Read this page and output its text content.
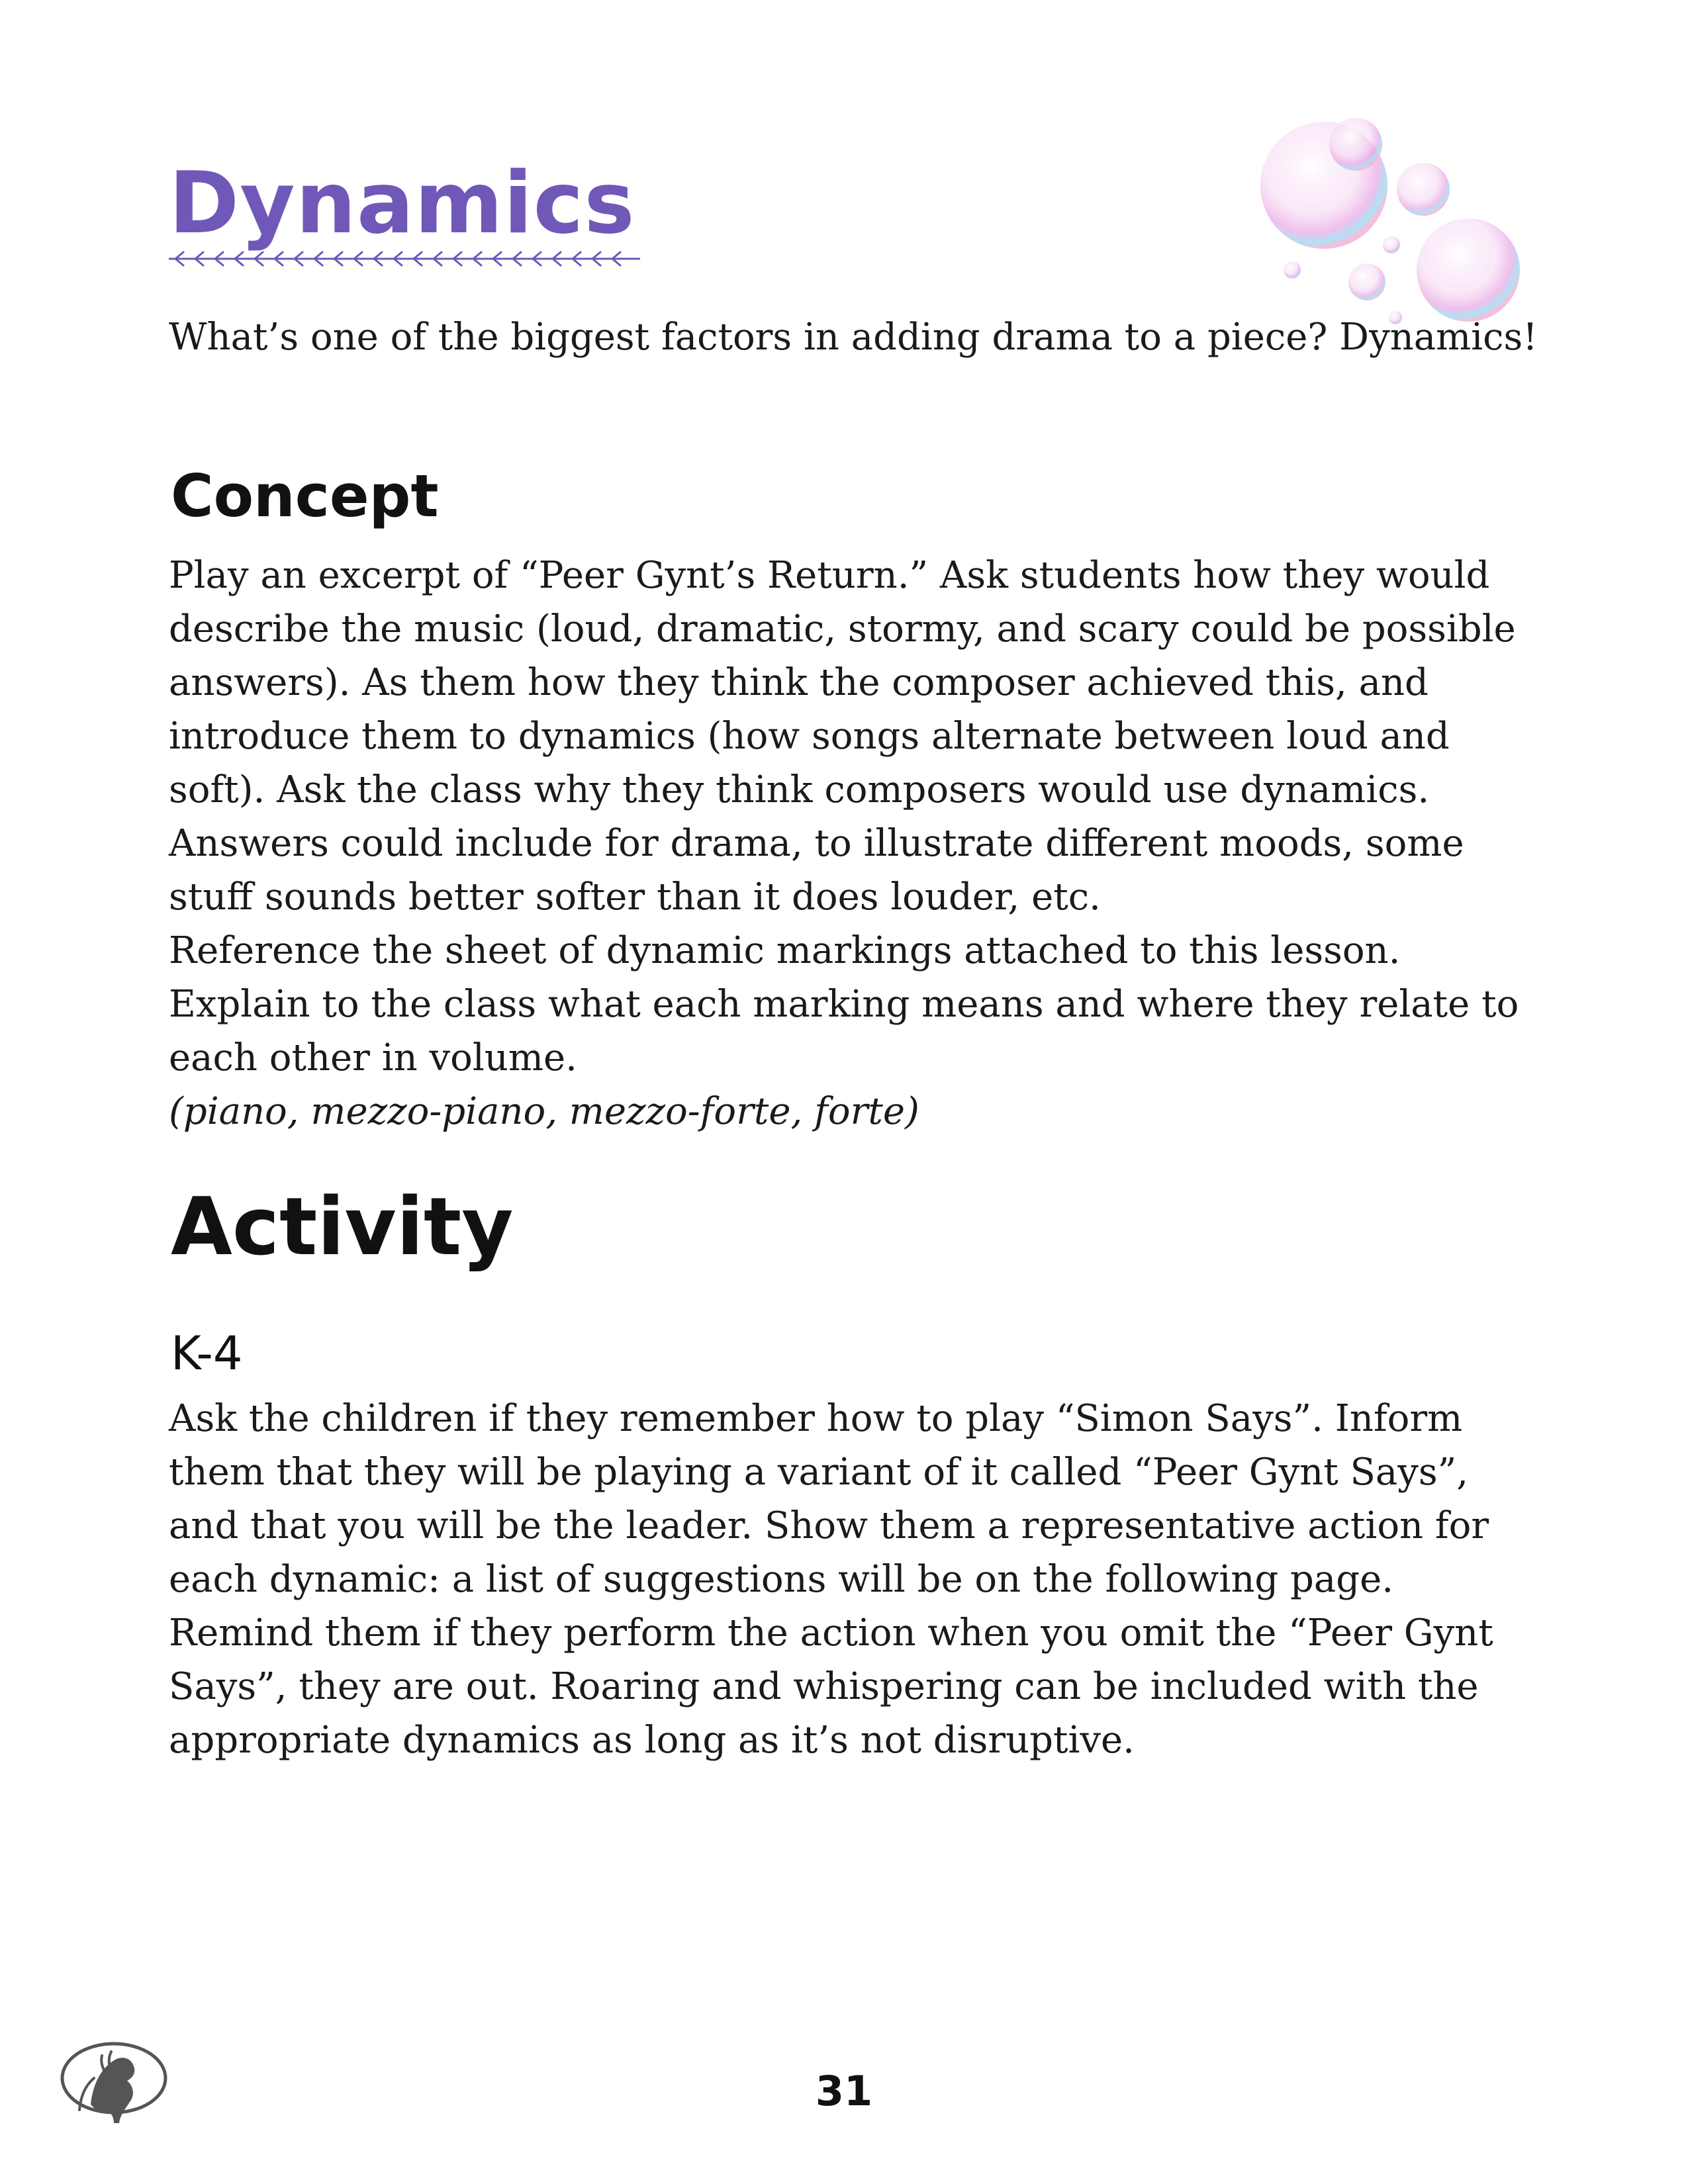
Dynamics

What’s one of the biggest factors in adding drama to a piece? Dynamics!

Concept

Play an excerpt of “Peer Gynt’s Return.” Ask students how they would describe the music (loud, dramatic, stormy, and scary could be possible answers). As them how they think the composer achieved this, and introduce them to dynamics (how songs alternate between loud and soft). Ask the class why they think composers would use dynamics. Answers could include for drama, to illustrate different moods, some stuff sounds better softer than it does louder, etc.

Reference the sheet of dynamic markings attached to this lesson. Explain to the class what each marking means and where they relate to each other in volume.

(piano, mezzo-piano, mezzo-forte, forte)

Activity
K-4

Ask the children if they remember how to play “Simon Says”. Inform them that they will be playing a variant of it called “Peer Gynt Says”, and that you will be the leader. Show them a representative action for each dynamic: a list of suggestions will be on the following page. Remind them if they perform the action when you omit the “Peer Gynt Says”, they are out. Roaring and whispering can be included with the appropriate dynamics as long as it’s not disruptive.

31
